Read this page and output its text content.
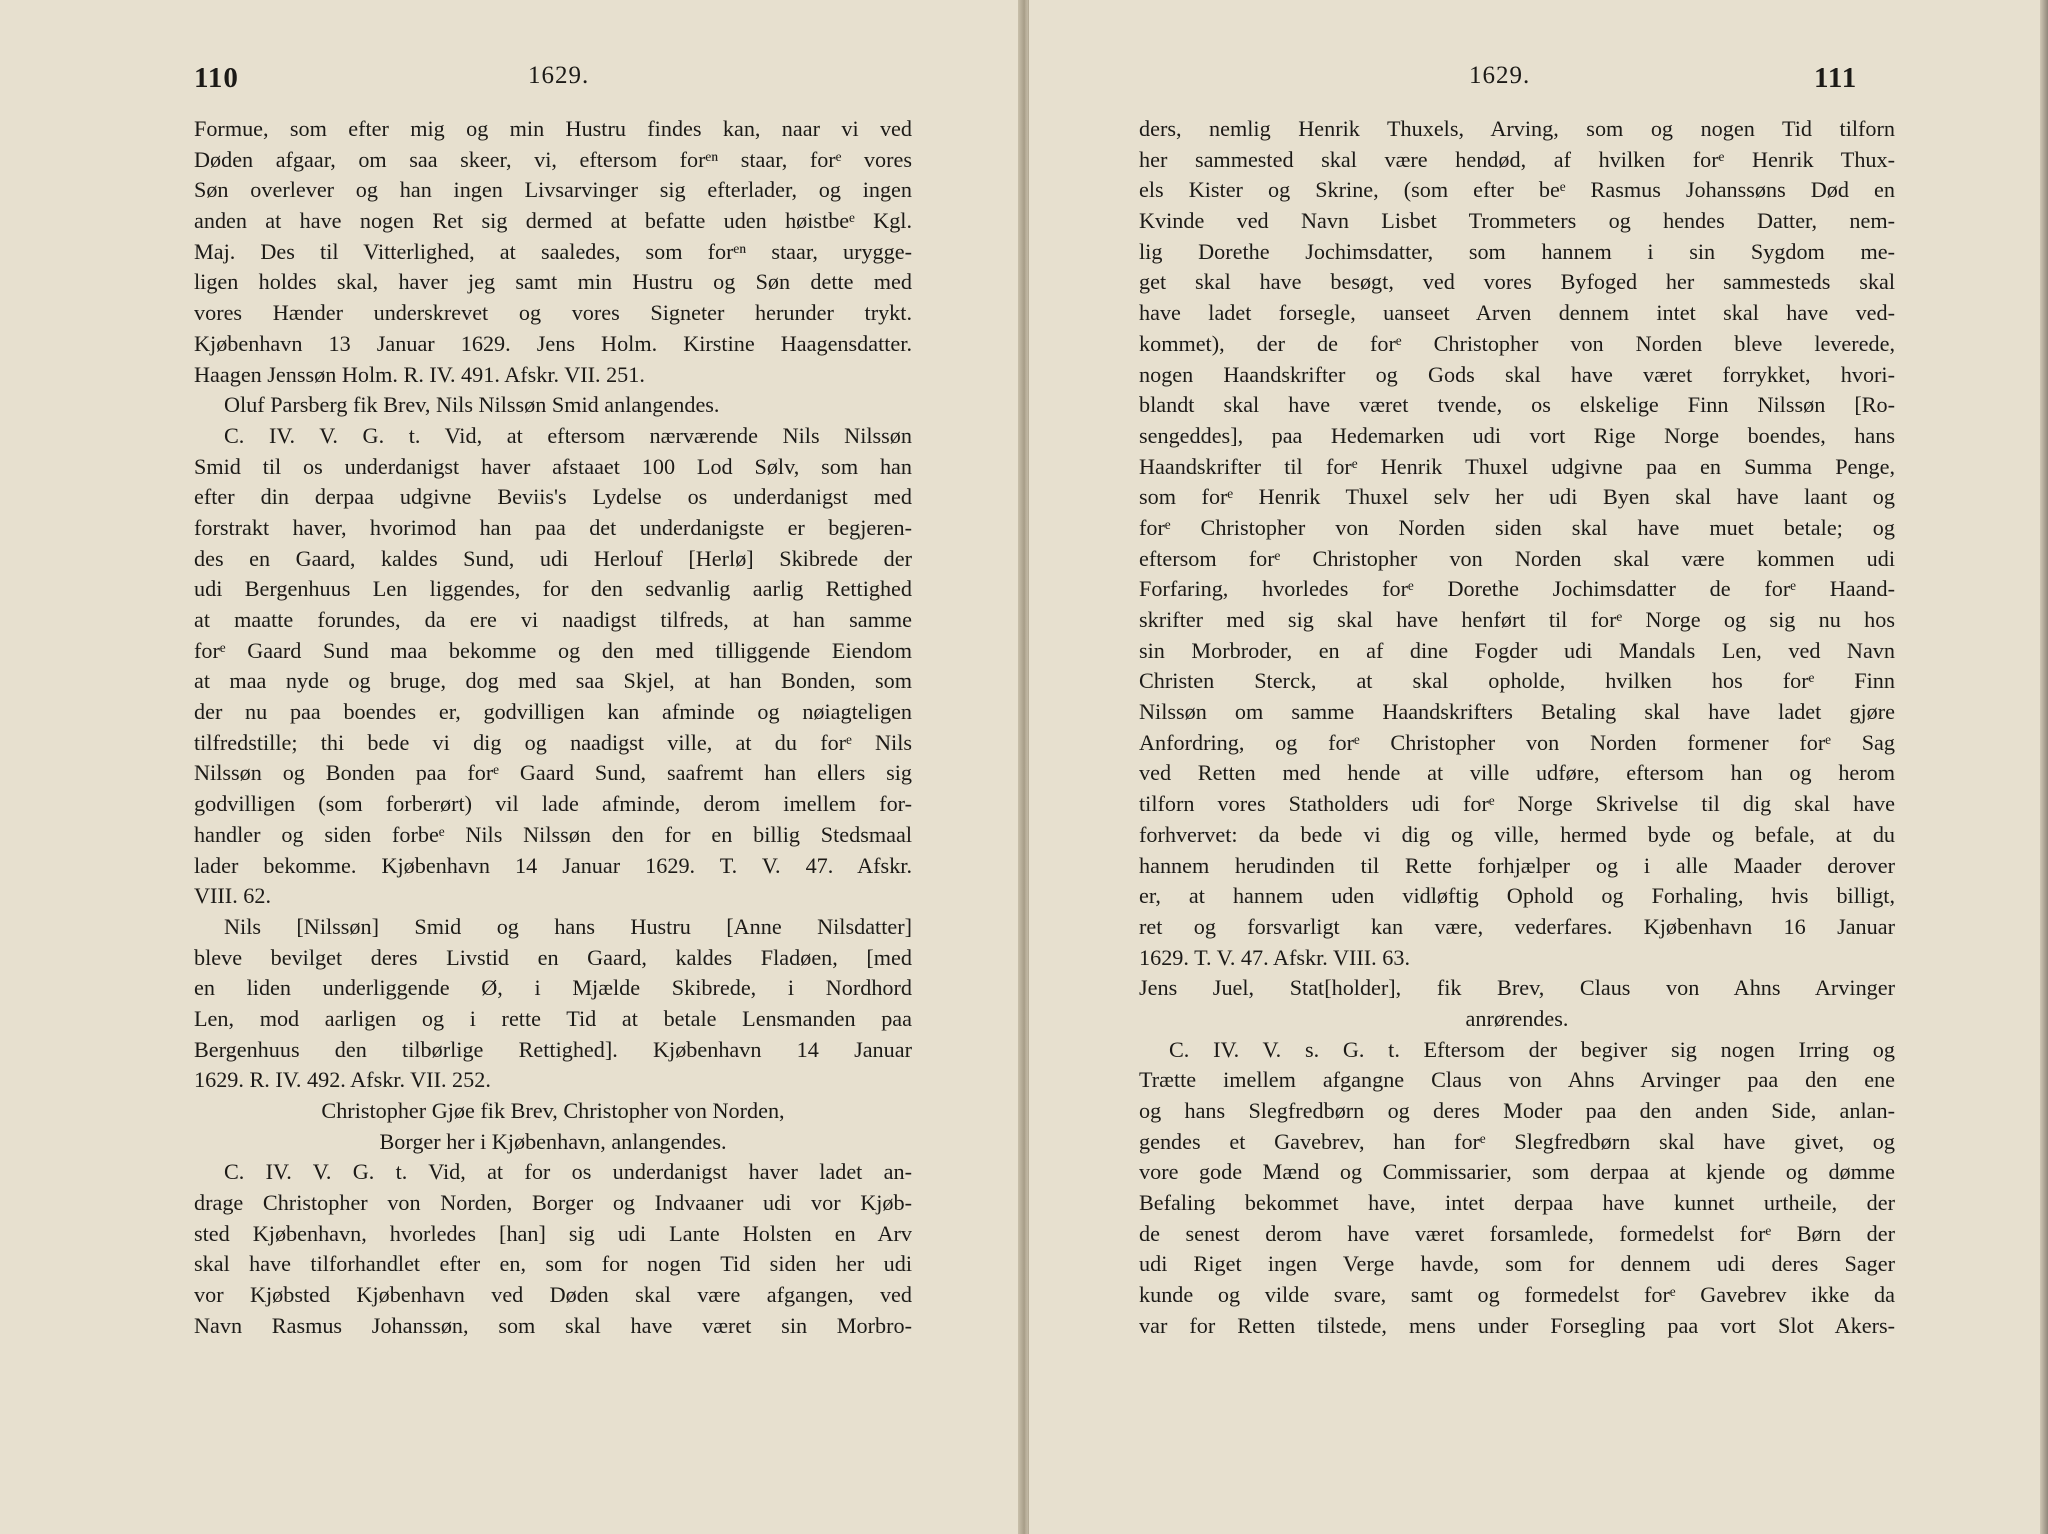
110	1629.
Formue, som efter mig og min Hustru findes kan, naar vi ved
Døden afgaar, om saa skeer, vi, eftersom forᵉⁿ staar, forᵉ vores
Søn overlever og han ingen Livsarvinger sig efterlader, og ingen
anden at have nogen Ret sig dermed at befatte uden høistbeᵉ Kgl.
Maj. Des til Vitterlighed, at saaledes, som forᵉⁿ staar, urygge-
ligen holdes skal, haver jeg samt min Hustru og Søn dette med
vores Hænder underskrevet og vores Signeter herunder trykt.
Kjøbenhavn 13 Januar 1629. Jens Holm. Kirstine Haagensdatter.
Haagen Jenssøn Holm. R. IV. 491. Afskr. VII. 251.
Oluf Parsberg fik Brev, Nils Nilssøn Smid anlangendes.
C. IV. V. G. t. Vid, at eftersom nærværende Nils Nilssøn
Smid til os underdanigst haver afstaaet 100 Lod Sølv, som han
efter din derpaa udgivne Beviis's Lydelse os underdanigst med
forstrakt haver, hvorimod han paa det underdanigste er begjeren-
des en Gaard, kaldes Sund, udi Herlouf [Herlø] Skibrede der
udi Bergenhuus Len liggendes, for den sedvanlig aarlig Rettighed
at maatte forundes, da ere vi naadigst tilfreds, at han samme
forᵉ Gaard Sund maa bekomme og den med tilliggende Eiendom
at maa nyde og bruge, dog med saa Skjel, at han Bonden, som
der nu paa boendes er, godvilligen kan afminde og nøiagteligen
tilfredstille; thi bede vi dig og naadigst ville, at du forᵉ Nils
Nilssøn og Bonden paa forᵉ Gaard Sund, saafremt han ellers sig
godvilligen (som forberørt) vil lade afminde, derom imellem for-
handler og siden forbeᵉ Nils Nilssøn den for en billig Stedsmaal
lader bekomme. Kjøbenhavn 14 Januar 1629. T. V. 47. Afskr.
VIII. 62.
Nils [Nilssøn] Smid og hans Hustru [Anne Nilsdatter]
bleve bevilget deres Livstid en Gaard, kaldes Fladøen, [med
en liden underliggende Ø, i Mjælde Skibrede, i Nordhord
Len, mod aarligen og i rette Tid at betale Lensmanden paa
Bergenhuus den tilbørlige Rettighed]. Kjøbenhavn 14 Januar
1629. R. IV. 492. Afskr. VII. 252.
Christopher Gjøe fik Brev, Christopher von Norden,
Borger her i Kjøbenhavn, anlangendes.
C. IV. V. G. t. Vid, at for os underdanigst haver ladet an-
drage Christopher von Norden, Borger og Indvaaner udi vor Kjøb-
sted Kjøbenhavn, hvorledes [han] sig udi Lante Holsten en Arv
skal have tilforhandlet efter en, som for nogen Tid siden her udi
vor Kjøbsted Kjøbenhavn ved Døden skal være afgangen, ved
Navn Rasmus Johanssøn, som skal have været sin Morbro-
1629.	111
ders, nemlig Henrik Thuxels, Arving, som og nogen Tid tilforn
her sammested skal være hendød, af hvilken forᵉ Henrik Thux-
els Kister og Skrine, (som efter beᵉ Rasmus Johanssøns Død en
Kvinde ved Navn Lisbet Trommeters og hendes Datter, nem-
lig Dorethe Jochimsdatter, som hannem i sin Sygdom me-
get skal have besøgt, ved vores Byfoged her sammesteds skal
have ladet forsegle, uanseet Arven dennem intet skal have ved-
kommet), der de forᵉ Christopher von Norden bleve leverede,
nogen Haandskrifter og Gods skal have været forrykket, hvori-
blandt skal have været tvende, os elskelige Finn Nilssøn [Ro-
sengeddes], paa Hedemarken udi vort Rige Norge boendes, hans
Haandskrifter til forᵉ Henrik Thuxel udgivne paa en Summa Penge,
som forᵉ Henrik Thuxel selv her udi Byen skal have laant og
forᵉ Christopher von Norden siden skal have muet betale; og
eftersom forᵉ Christopher von Norden skal være kommen udi
Forfaring, hvorledes forᵉ Dorethe Jochimsdatter de forᵉ Haand-
skrifter med sig skal have henført til forᵉ Norge og sig nu hos
sin Morbroder, en af dine Fogder udi Mandals Len, ved Navn
Christen Sterck, at skal opholde, hvilken hos forᵉ Finn
Nilssøn om samme Haandskrifters Betaling skal have ladet gjøre
Anfordring, og forᵉ Christopher von Norden formener forᵉ Sag
ved Retten med hende at ville udføre, eftersom han og herom
tilforn vores Statholders udi forᵉ Norge Skrivelse til dig skal have
forhvervet: da bede vi dig og ville, hermed byde og befale, at du
hannem herudinden til Rette forhjælper og i alle Maader derover
er, at hannem uden vidløftig Ophold og Forhaling, hvis billigt,
ret og forsvarligt kan være, vederfares. Kjøbenhavn 16 Januar
1629. T. V. 47. Afskr. VIII. 63.
Jens Juel, Stat[holder], fik Brev, Claus von Ahns Arvinger
anrørendes.
C. IV. V. s. G. t. Eftersom der begiver sig nogen Irring og
Trætte imellem afgangne Claus von Ahns Arvinger paa den ene
og hans Slegfredbørn og deres Moder paa den anden Side, anlan-
gendes et Gavebrev, han forᵉ Slegfredbørn skal have givet, og
vore gode Mænd og Commissarier, som derpaa at kjende og dømme
Befaling bekommet have, intet derpaa have kunnet urtheile, der
de senest derom have været forsamlede, formedelst forᵉ Børn der
udi Riget ingen Verge havde, som for dennem udi deres Sager
kunde og vilde svare, samt og formedelst forᵉ Gavebrev ikke da
var for Retten tilstede, mens under Forsegling paa vort Slot Akers-
